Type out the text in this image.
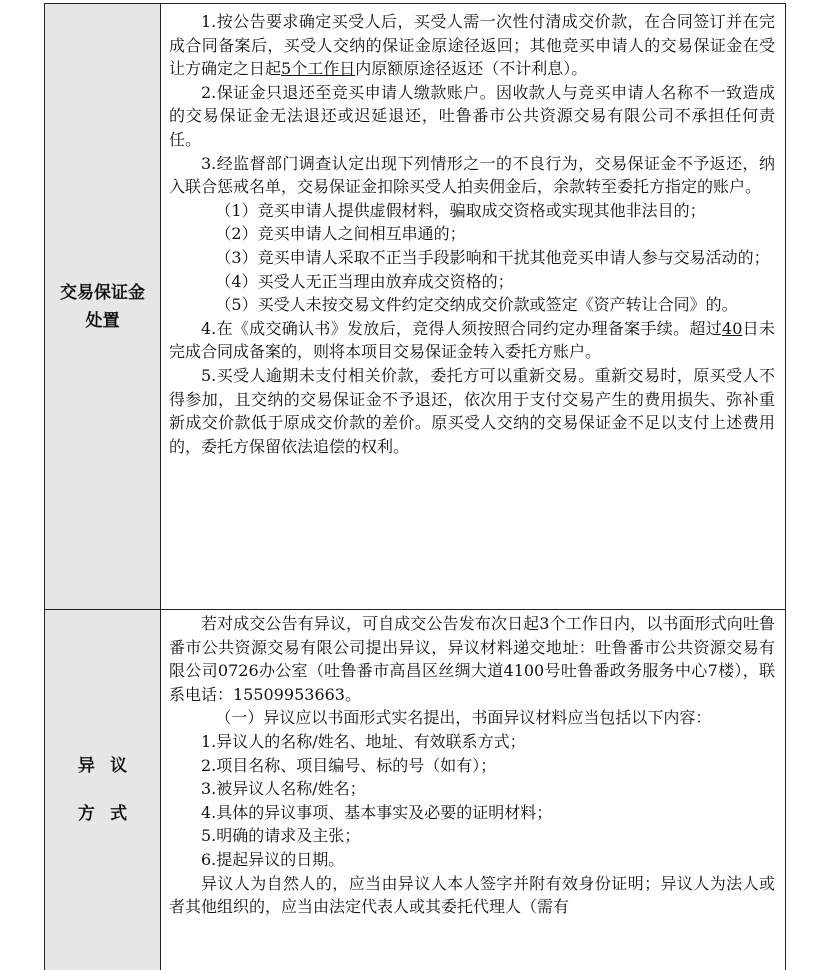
交易保证金
处置

1.按公告要求确定买受人后，买受人需一次性付清成交价款，在合同签订并在完成合同备案后，买受人交纳的保证金原途径返回；其他竞买申请人的交易保证金在受让方确定之日起5个工作日内原额原途径返还（不计利息）。

2.保证金只退还至竞买申请人缴款账户。因收款人与竞买申请人名称不一致造成的交易保证金无法退还或迟延退还，吐鲁番市公共资源交易有限公司不承担任何责任。

3.经监督部门调查认定出现下列情形之一的不良行为，交易保证金不予返还，纳入联合惩戒名单，交易保证金扣除买受人拍卖佣金后，余款转至委托方指定的账户。

（1）竞买申请人提供虚假材料，骗取成交资格或实现其他非法目的；

（2）竞买申请人之间相互串通的；

（3）竞买申请人采取不正当手段影响和干扰其他竞买申请人参与交易活动的；

（4）买受人无正当理由放弃成交资格的；

（5）买受人未按交易文件约定交纳成交价款或签定《资产转让合同》的。

4.在《成交确认书》发放后，竞得人须按照合同约定办理备案手续。超过40日未完成合同成备案的，则将本项目交易保证金转入委托方账户。

5.买受人逾期未支付相关价款，委托方可以重新交易。重新交易时，原买受人不得参加，且交纳的交易保证金不予退还，依次用于支付交易产生的费用损失、弥补重新成交价款低于原成交价款的差价。原买受人交纳的交易保证金不足以支付上述费用的，委托方保留依法追偿的权利。

异议
方式

若对成交公告有异议，可自成交公告发布次日起3个工作日内，以书面形式向吐鲁番市公共资源交易有限公司提出异议，异议材料递交地址：吐鲁番市公共资源交易有限公司0726办公室（吐鲁番市高昌区丝绸大道4100号吐鲁番政务服务中心7楼），联系电话：15509953663。

（一）异议应以书面形式实名提出，书面异议材料应当包括以下内容：

1.异议人的名称/姓名、地址、有效联系方式；

2.项目名称、项目编号、标的号（如有）；

3.被异议人名称/姓名；

4.具体的异议事项、基本事实及必要的证明材料；

5.明确的请求及主张；

6.提起异议的日期。

异议人为自然人的，应当由异议人本人签字并附有效身份证明；异议人为法人或者其他组织的，应当由法定代表人或其委托代理人（需有
